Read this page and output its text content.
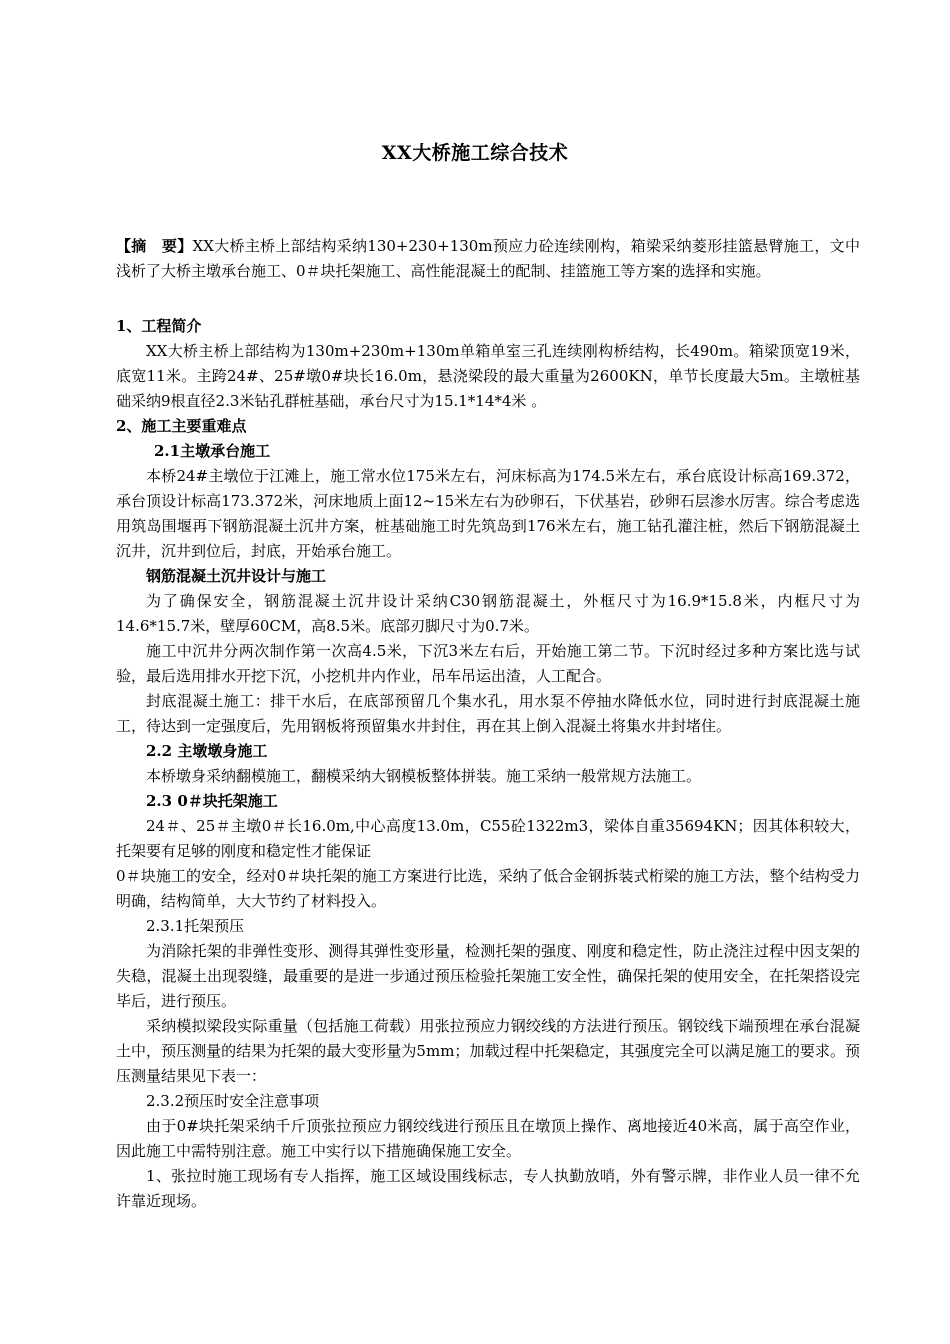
XX大桥施工综合技术

【摘　要】XX大桥主桥上部结构采纳130+230+130m预应力砼连续刚构，箱梁采纳菱形挂篮悬臂施工，文中浅析了大桥主墩承台施工、0＃块托架施工、高性能混凝土的配制、挂篮施工等方案的选择和实施。

1、工程简介

XX大桥主桥上部结构为130m+230m+130m单箱单室三孔连续刚构桥结构，长490m。箱梁顶宽19米，底宽11米。主跨24#、25#墩0#块长16.0m，悬浇梁段的最大重量为2600KN，单节长度最大5m。主墩桩基础采纳9根直径2.3米钻孔群桩基础，承台尺寸为15.1*14*4米 。

2、施工主要重难点

2.1主墩承台施工

本桥24#主墩位于江滩上，施工常水位175米左右，河床标高为174.5米左右，承台底设计标高169.372，承台顶设计标高173.372米，河床地质上面12~15米左右为砂卵石，下伏基岩，砂卵石层渗水厉害。综合考虑选用筑岛围堰再下钢筋混凝土沉井方案，桩基础施工时先筑岛到176米左右，施工钻孔灌注桩，然后下钢筋混凝土沉井，沉井到位后，封底，开始承台施工。

钢筋混凝土沉井设计与施工

为了确保安全，钢筋混凝土沉井设计采纳C30钢筋混凝土，外框尺寸为16.9*15.8米，内框尺寸为14.6*15.7米，壁厚60CM，高8.5米。底部刃脚尺寸为0.7米。

施工中沉井分两次制作第一次高4.5米，下沉3米左右后，开始施工第二节。下沉时经过多种方案比选与试验，最后选用排水开挖下沉，小挖机井内作业，吊车吊运出渣，人工配合。

封底混凝土施工：排干水后，在底部预留几个集水孔，用水泵不停抽水降低水位，同时进行封底混凝土施工，待达到一定强度后，先用钢板将预留集水井封住，再在其上倒入混凝土将集水井封堵住。

2.2 主墩墩身施工

本桥墩身采纳翻模施工，翻模采纳大钢模板整体拼装。施工采纳一般常规方法施工。

2.3 0＃块托架施工

24＃、25＃主墩0＃长16.0m,中心高度13.0m，C55砼1322m3，梁体自重35694KN；因其体积较大，托架要有足够的刚度和稳定性才能保证

0＃块施工的安全，经对0＃块托架的施工方案进行比选，采纳了低合金钢拆装式桁梁的施工方法，整个结构受力明确，结构简单，大大节约了材料投入。

2.3.1托架预压

为消除托架的非弹性变形、测得其弹性变形量，检测托架的强度、刚度和稳定性，防止浇注过程中因支架的失稳，混凝土出现裂缝，最重要的是进一步通过预压检验托架施工安全性，确保托架的使用安全，在托架搭设完毕后，进行预压。

采纳模拟梁段实际重量（包括施工荷载）用张拉预应力钢绞线的方法进行预压。钢铰线下端预埋在承台混凝土中，预压测量的结果为托架的最大变形量为5mm；加载过程中托架稳定，其强度完全可以满足施工的要求。预压测量结果见下表一：

2.3.2预压时安全注意事项

由于0#块托架采纳千斤顶张拉预应力钢绞线进行预压且在墩顶上操作、离地接近40米高，属于高空作业，因此施工中需特别注意。施工中实行以下措施确保施工安全。

1、张拉时施工现场有专人指挥，施工区域设围线标志，专人执勤放哨，外有警示牌，非作业人员一律不允许靠近现场。
